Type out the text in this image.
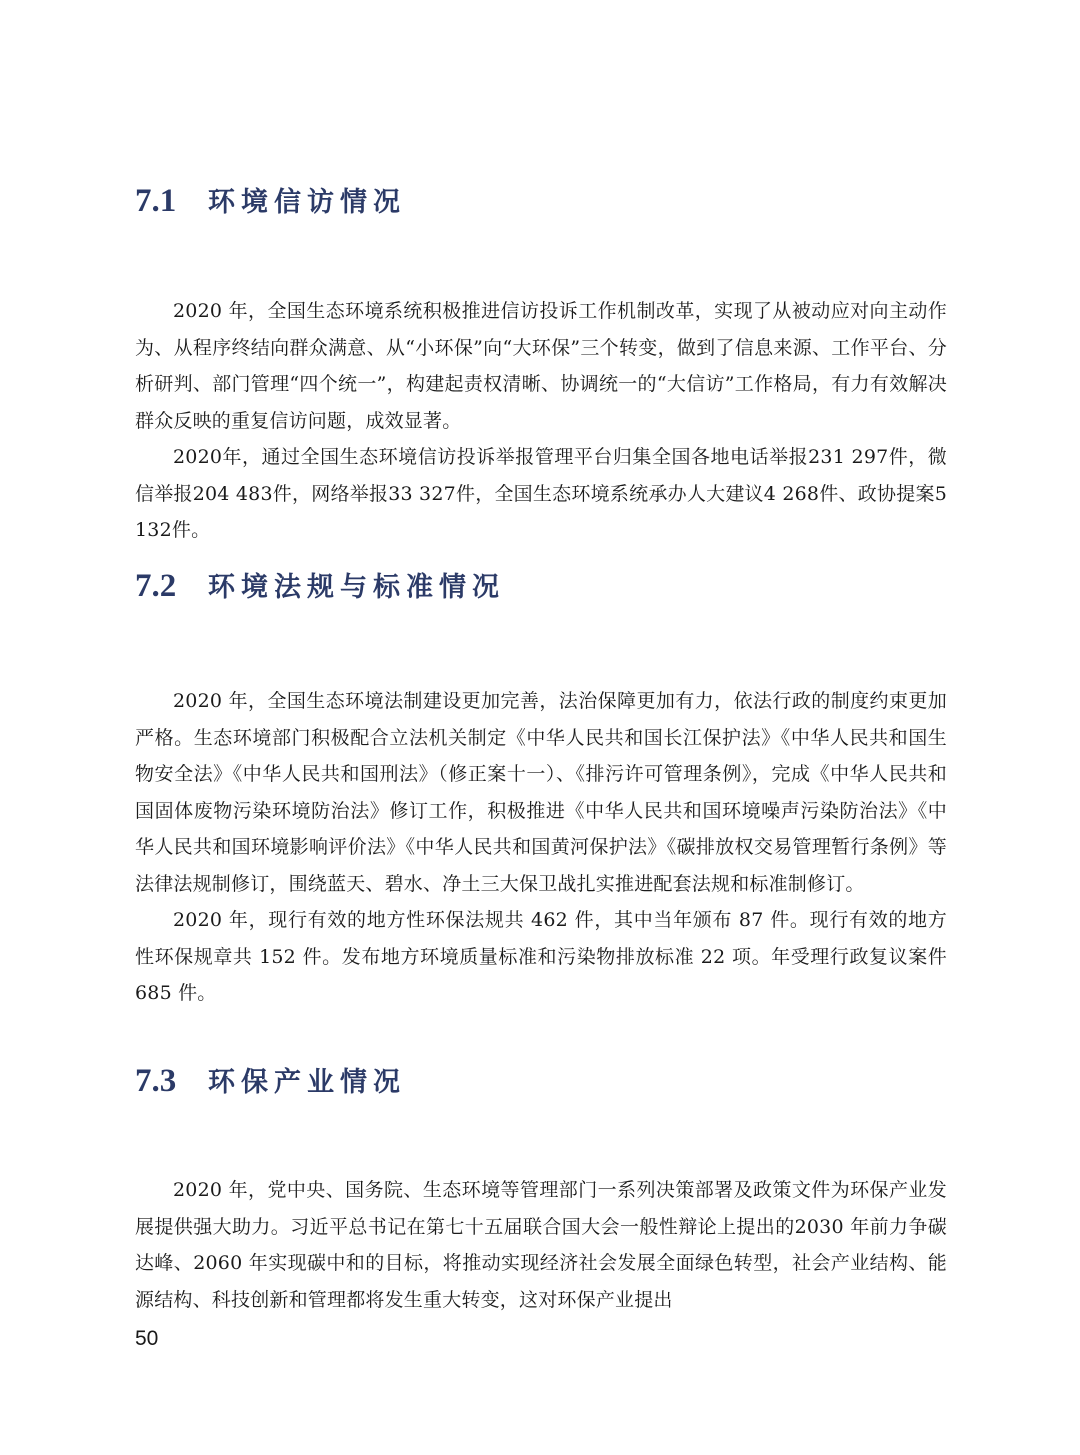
7.1	环境信访情况

2020 年，全国生态环境系统积极推进信访投诉工作机制改革，实现了从被动应对向主动作为、从程序终结向群众满意、从“小环保”向“大环保”三个转变，做到了信息来源、工作平台、分析研判、部门管理“四个统一”，构建起责权清晰、协调统一的“大信访”工作格局，有力有效解决群众反映的重复信访问题，成效显著。

2020年，通过全国生态环境信访投诉举报管理平台归集全国各地电话举报231 297件，微信举报204 483件，网络举报33 327件，全国生态环境系统承办人大建议4 268件、政协提案5 132件。

7.2	环境法规与标准情况

2020 年，全国生态环境法制建设更加完善，法治保障更加有力，依法行政的制度约束更加严格。生态环境部门积极配合立法机关制定《中华人民共和国长江保护法》《中华人民共和国生物安全法》《中华人民共和国刑法》（修正案十一）、《排污许可管理条例》，完成《中华人民共和国固体废物污染环境防治法》修订工作，积极推进《中华人民共和国环境噪声污染防治法》《中华人民共和国环境影响评价法》《中华人民共和国黄河保护法》《碳排放权交易管理暂行条例》等法律法规制修订，围绕蓝天、碧水、净土三大保卫战扎实推进配套法规和标准制修订。

2020 年，现行有效的地方性环保法规共 462 件，其中当年颁布 87 件。现行有效的地方性环保规章共 152 件。发布地方环境质量标准和污染物排放标准 22 项。年受理行政复议案件 685 件。

7.3	环保产业情况

2020 年，党中央、国务院、生态环境等管理部门一系列决策部署及政策文件为环保产业发展提供强大助力。习近平总书记在第七十五届联合国大会一般性辩论上提出的2030 年前力争碳达峰、2060 年实现碳中和的目标，将推动实现经济社会发展全面绿色转型，社会产业结构、能源结构、科技创新和管理都将发生重大转变，这对环保产业提出

50
